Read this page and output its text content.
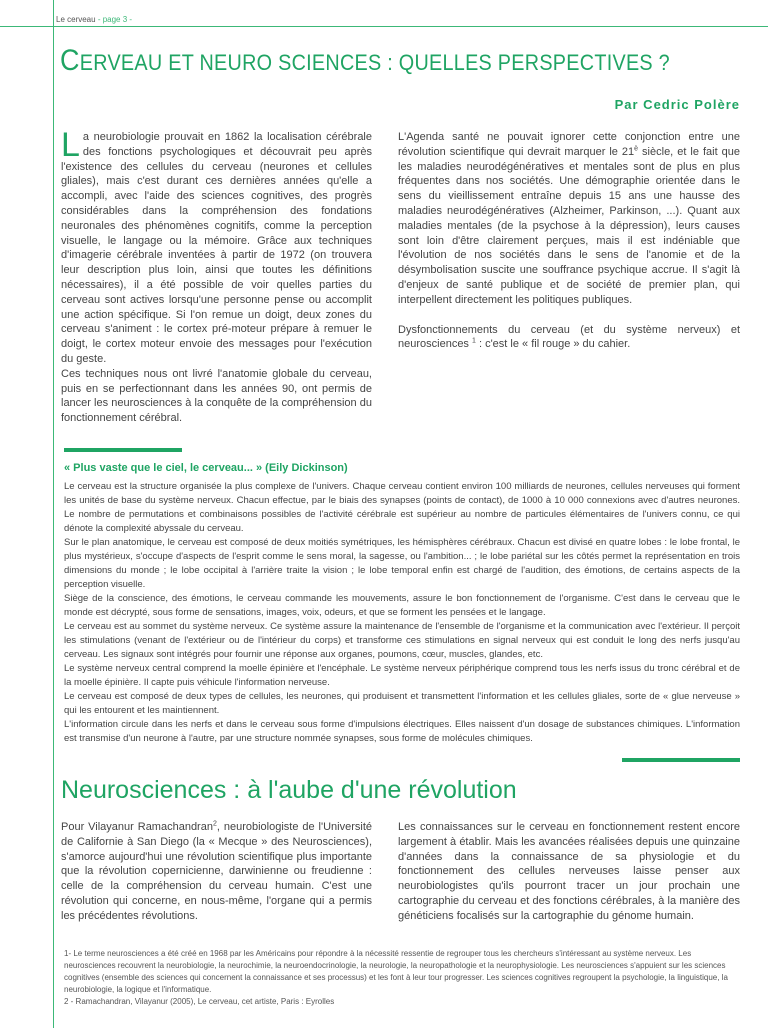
Le cerveau - page 3 -
CERVEAU ET NEURO SCIENCES : QUELLES PERSPECTIVES ?
Par Cedric Polère

La neurobiologie prouvait en 1862 la localisation cérébrale des fonctions psychologiques et découvrait peu après l'existence des cellules du cerveau (neurones et cellules gliales), mais c'est durant ces dernières années qu'elle a accompli, avec l'aide des sciences cognitives, des progrès considérables dans la compréhension des fondations neuronales des phénomènes cognitifs, comme la perception visuelle, le langage ou la mémoire. Grâce aux techniques d'imagerie cérébrale inventées à partir de 1972 (on trouvera leur description plus loin, ainsi que toutes les définitions nécessaires), il a été possible de voir quelles parties du cerveau sont actives lorsqu'une personne pense ou accomplit une action spécifique. Si l'on remue un doigt, deux zones du cerveau s'animent : le cortex pré-moteur prépare à remuer le doigt, le cortex moteur envoie des messages pour l'exécution du geste.

Ces techniques nous ont livré l'anatomie globale du cerveau, puis en se perfectionnant dans les années 90, ont permis de lancer les neurosciences à la conquête de la compréhension du fonctionnement cérébral.

L'Agenda santé ne pouvait ignorer cette conjonction entre une révolution scientifique qui devrait marquer le $21^è$ siècle, et le fait que les maladies neurodégénératives et mentales sont de plus en plus fréquentes dans nos sociétés. Une démographie orientée dans le sens du vieillissement entraîne depuis 15 ans une hausse des maladies neurodégénératives (Alzheimer, Parkinson, ...). Quant aux maladies mentales (de la psychose à la dépression), leurs causes sont loin d'être clairement perçues, mais il est indéniable que l'évolution de nos sociétés dans le sens de l'anomie et de la désymbolisation suscite une souffrance psychique accrue. Il s'agit là d'enjeux de santé publique et de société de premier plan, qui interpellent directement les politiques publiques.

Dysfonctionnements du cerveau (et du système nerveux) et neurosciences $^1$ : c'est le « fil rouge » du cahier.

« Plus vaste que le ciel, le cerveau... » (Eily Dickinson)

Le cerveau est la structure organisée la plus complexe de l'univers. Chaque cerveau contient environ 100 milliards de neurones, cellules nerveuses qui forment les unités de base du système nerveux. Chacun effectue, par le biais des synapses (points de contact), de 1000 à 10 000 connexions avec d'autres neurones. Le nombre de permutations et combinaisons possibles de l'activité cérébrale est supérieur au nombre de particules élémentaires de l'univers connu, ce qui dénote la complexité abyssale du cerveau.

Sur le plan anatomique, le cerveau est composé de deux moitiés symétriques, les hémisphères cérébraux. Chacun est divisé en quatre lobes : le lobe frontal, le plus mystérieux, s'occupe d'aspects de l'esprit comme le sens moral, la sagesse, ou l'ambition... ; le lobe pariétal sur les côtés permet la représentation en trois dimensions du monde ; le lobe occipital à l'arrière traite la vision ; le lobe temporal enfin est chargé de l'audition, des émotions, de certains aspects de la perception visuelle.

Siège de la conscience, des émotions, le cerveau commande les mouvements, assure le bon fonctionnement de l'organisme. C'est dans le cerveau que le monde est décrypté, sous forme de sensations, images, voix, odeurs, et que se forment les pensées et le langage.

Le cerveau est au sommet du système nerveux. Ce système assure la maintenance de l'ensemble de l'organisme et la communication avec l'extérieur. Il perçoit les stimulations (venant de l'extérieur ou de l'intérieur du corps) et transforme ces stimulations en signal nerveux qui est conduit le long des nerfs jusqu'au cerveau. Les signaux sont intégrés pour fournir une réponse aux organes, poumons, cœur, muscles, glandes, etc.

Le système nerveux central comprend la moelle épinière et l'encéphale. Le système nerveux périphérique comprend tous les nerfs issus du tronc cérébral et de la moelle épinière. Il capte puis véhicule l'information nerveuse.

Le cerveau est composé de deux types de cellules, les neurones, qui produisent et transmettent l'information et les cellules gliales, sorte de « glue nerveuse » qui les entourent et les maintiennent.

L'information circule dans les nerfs et dans le cerveau sous forme d'impulsions électriques. Elles naissent d'un dosage de substances chimiques. L'information est transmise d'un neurone à l'autre, par une structure nommée synapses, sous forme de molécules chimiques.

Neurosciences : à l'aube d'une révolution

Pour Vilayanur Ramachandran$^2$, neurobiologiste de l'Université de Californie à San Diego (la « Mecque » des Neurosciences), s'amorce aujourd'hui une révolution scientifique plus importante que la révolution copernicienne, darwinienne ou freudienne : celle de la compréhension du cerveau humain. C'est une révolution qui concerne, en nous-même, l'organe qui a permis les précédentes révolutions.

Les connaissances sur le cerveau en fonctionnement restent encore largement à établir. Mais les avancées réalisées depuis une quinzaine d'années dans la connaissance de sa physiologie et du fonctionnement des cellules nerveuses laisse penser aux neurobiologistes qu'ils pourront tracer un jour prochain une cartographie du cerveau et des fonctions cérébrales, à la manière des généticiens focalisés sur la cartographie du génome humain.

1- Le terme neurosciences a été créé en 1968 par les Américains pour répondre à la nécessité ressentie de regrouper tous les chercheurs s'intéressant au système nerveux. Les neurosciences recouvrent la neurobiologie, la neurochimie, la neuroendocrinologie, la neurologie, la neuropathologie et la neurophysiologie. Les neurosciences s'appuient sur les sciences cognitives (ensemble des sciences qui concernent la connaissance et ses processus) et les font à leur tour progresser. Les sciences cognitives regroupent la psychologie, la linguistique, la neurobiologie, la logique et l'informatique.

2 - Ramachandran, Vilayanur (2005), Le cerveau, cet artiste, Paris : Eyrolles
